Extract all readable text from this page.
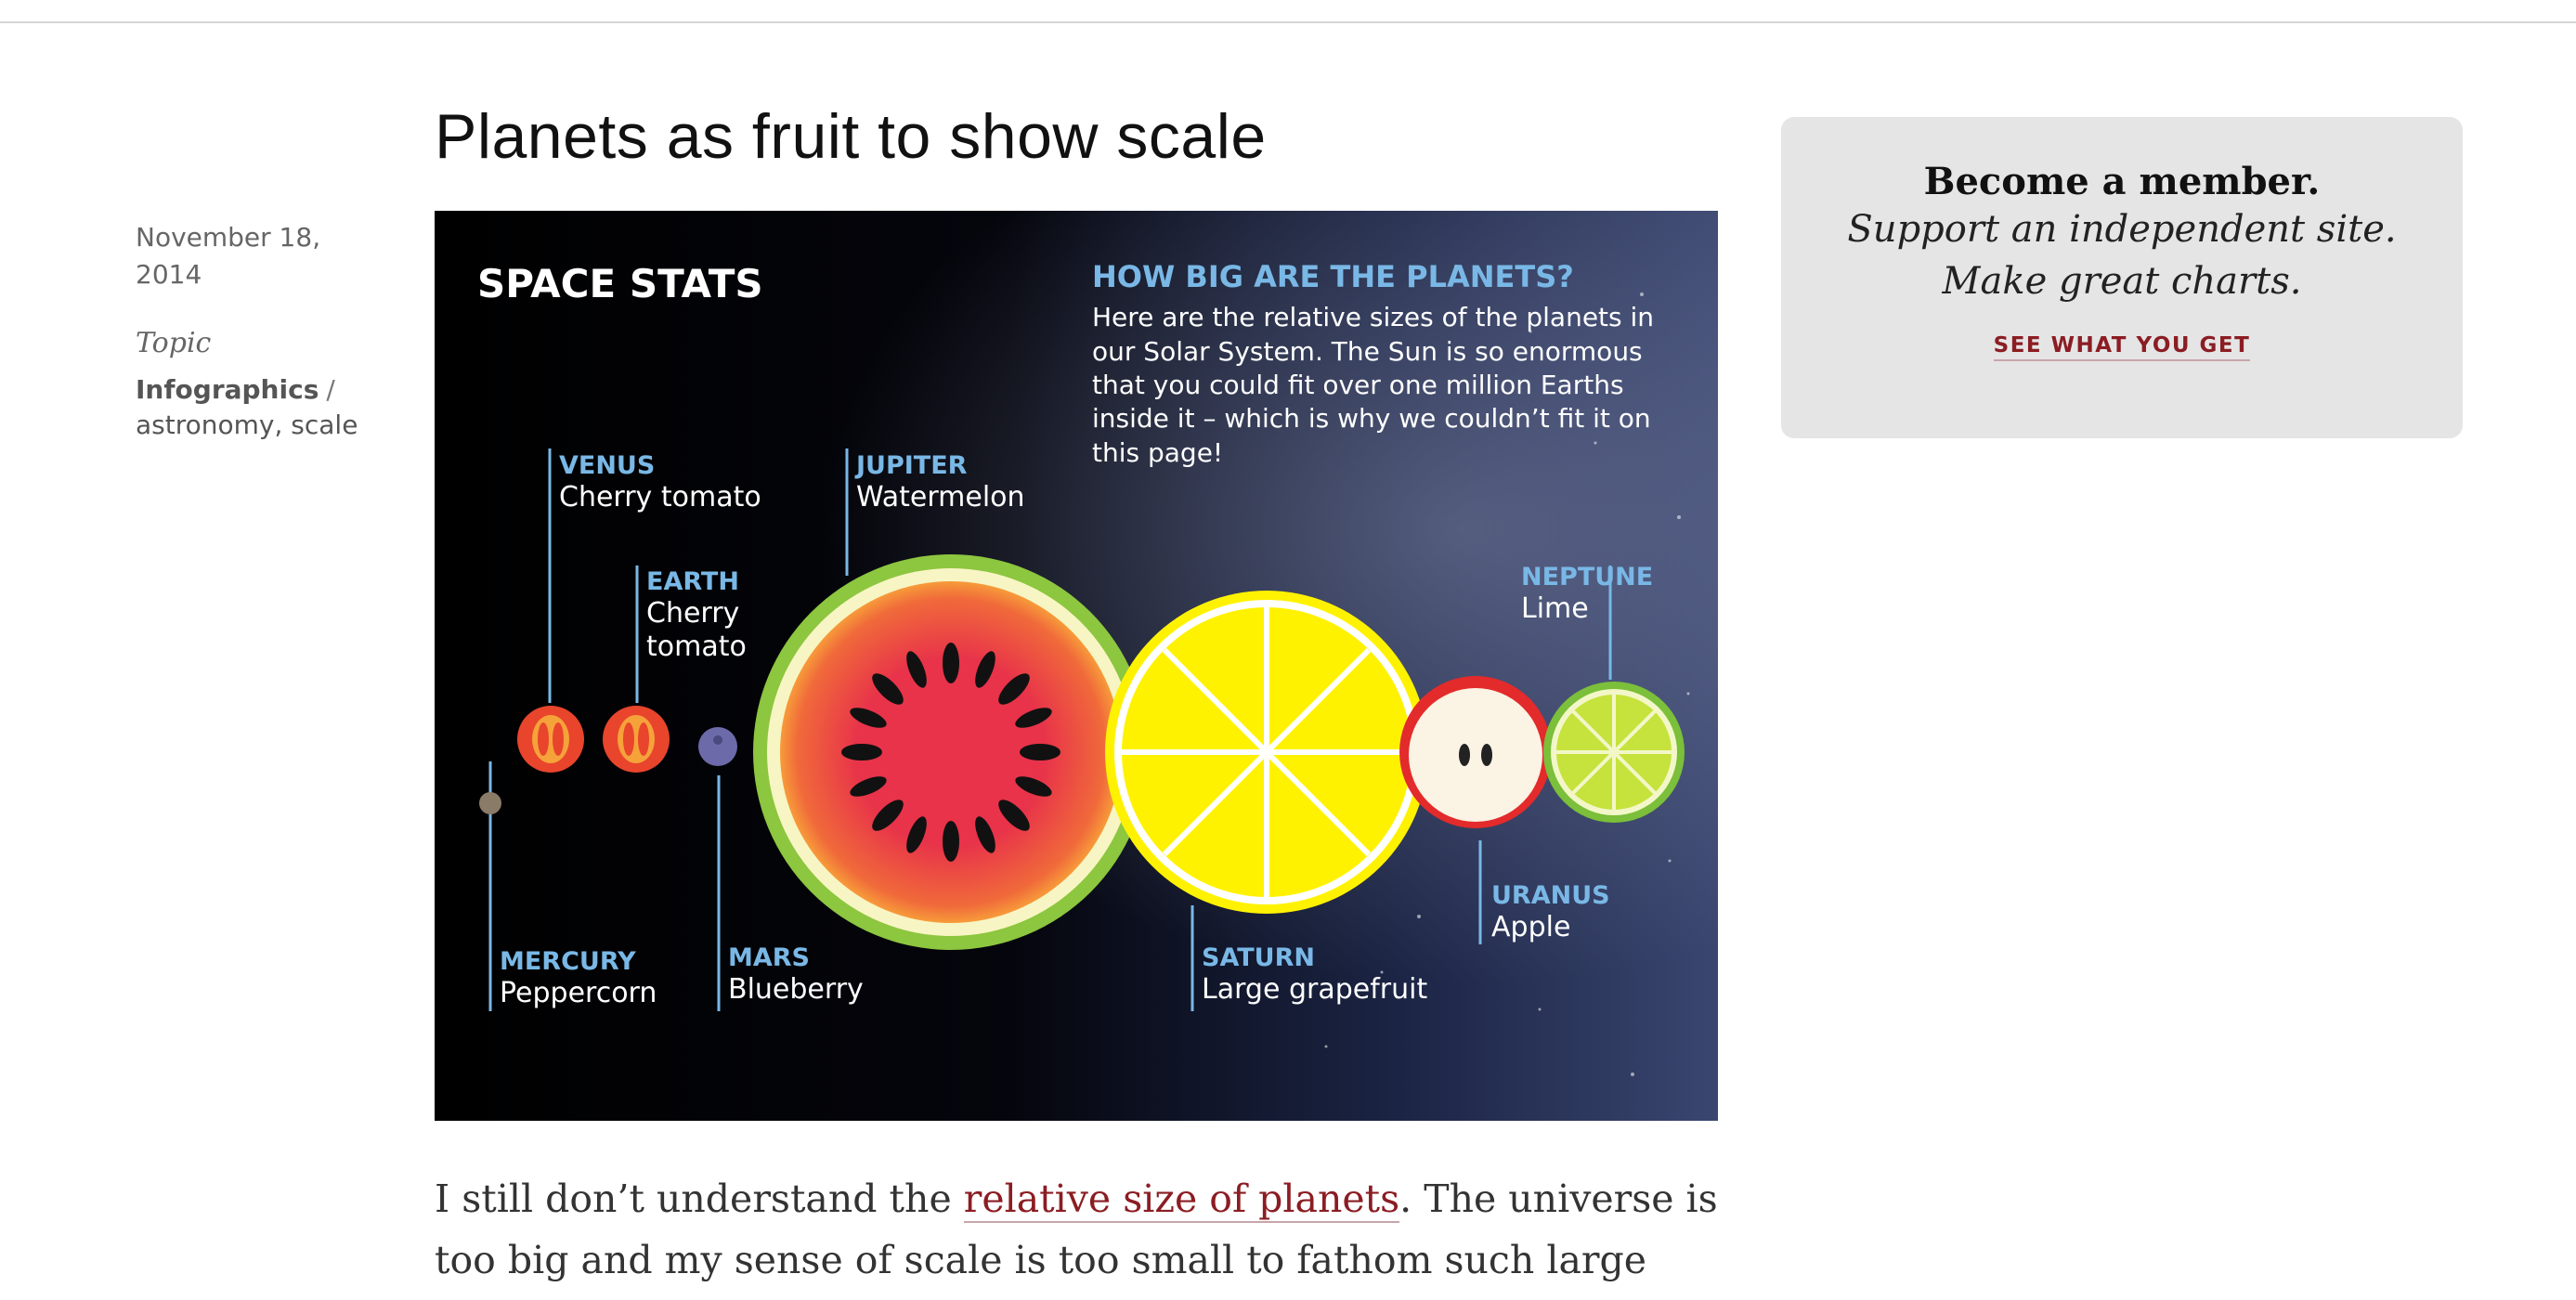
Planets as fruit to show scale
November 18, 2014
Topic
Infographics /
astronomy, scale
SPACE STATS	HOW BIG ARE THE PLANETS?
Here are the relative sizes of the planets in
our Solar System. The Sun is so enormous
that you could fit over one million Earths
inside it – which is why we couldn’t fit it on
this page!
VENUS
Cherry tomato
EARTH
Cherry
tomato
JUPITER
Watermelon
NEPTUNE
Lime
URANUS
Apple
MERCURY
Peppercorn
MARS
Blueberry
SATURN
Large grapefruit

I still don’t understand the relative size of planets. The universe is too big and my sense of scale is too small to fathom such large

Become a member.
Support an independent site.
Make great charts.
SEE WHAT YOU GET
